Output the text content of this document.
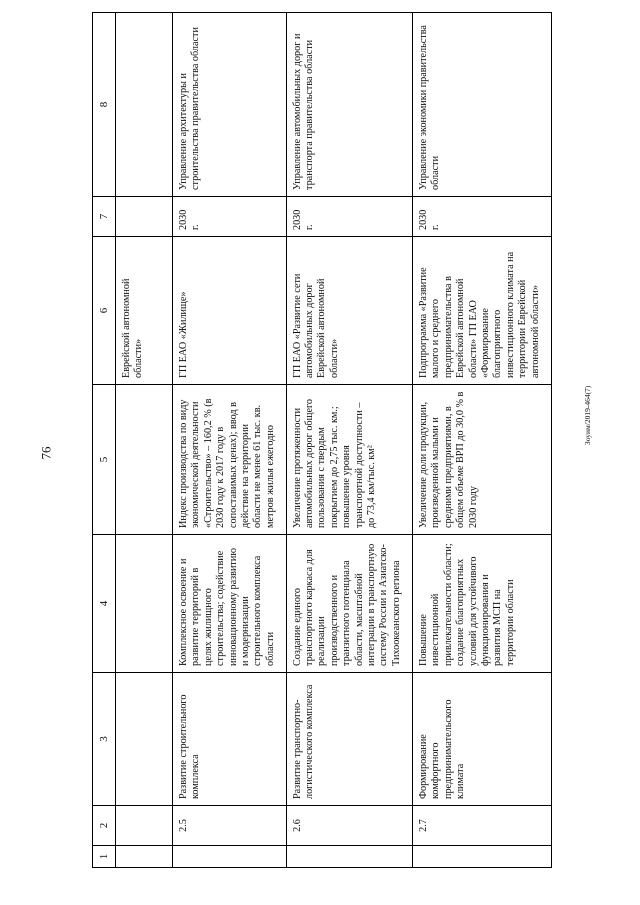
76
Зоуим/2019-464(7)
1	2	3	4	5	6	7	8
					Еврейской автономной области»		
	2.5	Развитие строительного комплекса	Комплексное освоение и развитие территорий в целях жилищного строительства; содействие инновационному развитию и модернизации строительного комплекса области	Индекс производства по виду экономической деятельности «Строительство» – 160,2 % (в 2030 году к 2017 году в сопоставимых ценах); ввод в действие на территории области не менее 61 тыс. кв. метров жилья ежегодно	ГП ЕАО «Жилище»	2030 г.	Управление архитектуры и строительства правительства области
	2.6	Развитие транспортно-логистического комплекса	Создание единого транспортного каркаса для реализации производственного и транзитного потенциала области, масштабной интеграции в транспортную систему России и Азиатско-Тихоокеанского региона	Увеличение протяженности автомобильных дорог общего пользования с твердым покрытием до 2,75 тыс. км.; повышение уровня транспортной доступности – до 73,4 км/тыс. км²	ГП ЕАО «Развитие сети автомобильных дорог Еврейской автономной области»	2030 г.	Управление автомобильных дорог и транспорта правительства области
	2.7	Формирование комфортного предпринимательского климата	Повышение инвестиционной привлекательности области; создание благоприятных условий для устойчивого функционирования и развития МСП на территории области	Увеличение доли продукции, произведенной малыми и средними предприятиями, в общем объеме ВРП до 30,0 % в 2030 году	Подпрограмма «Развитие малого и среднего предпринимательства в Еврейской автономной области» ГП ЕАО «Формирование благоприятного инвестиционного климата на территории Еврейской автономной области»	2030 г.	Управление экономики правительства области
